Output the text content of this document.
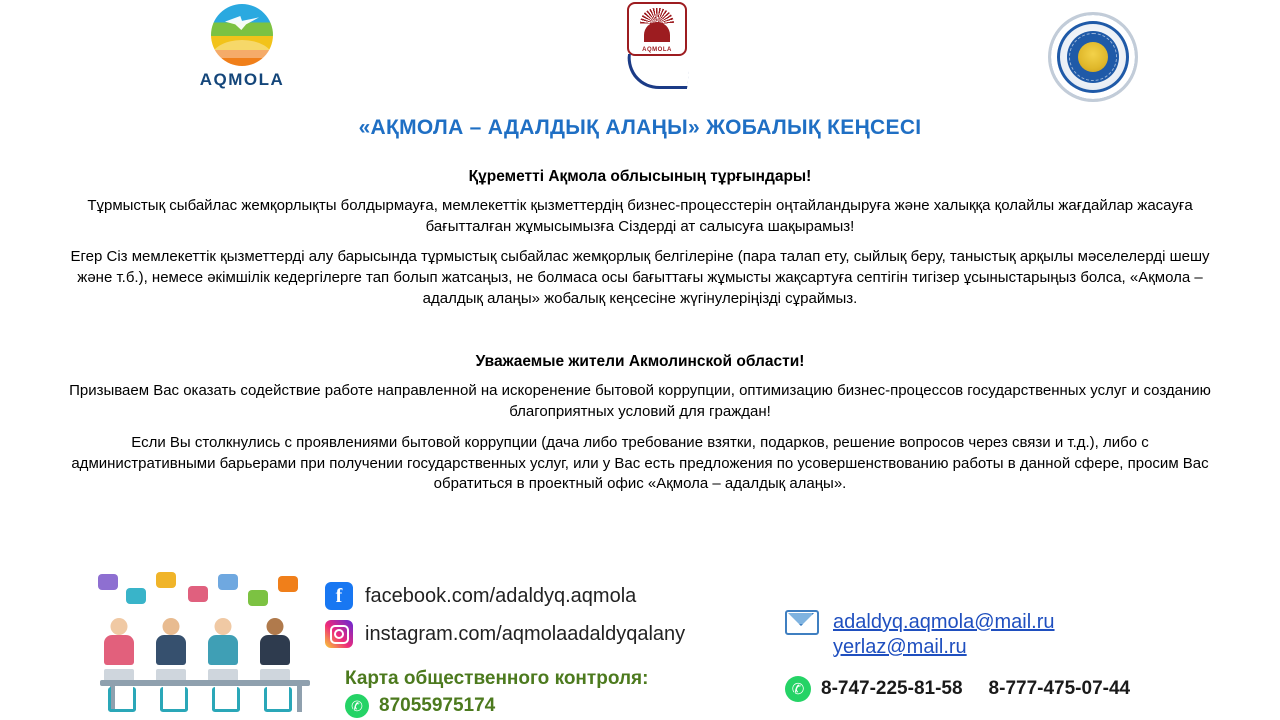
AQMOLA
AQMOLA
«АҚМОЛА – АДАЛДЫҚ АЛАҢЫ» ЖОБАЛЫҚ КЕҢСЕСІ
Құреметті Ақмола облысының тұрғындары!
Тұрмыстық сыбайлас жемқорлықты болдырмауға, мемлекеттік қызметтердің бизнес-процесстерін оңтайландыруға және халыққа қолайлы жағдайлар жасауға бағытталған жұмысымызға Сіздерді ат салысуға шақырамыз!
Егер Сіз мемлекеттік қызметтерді алу барысында тұрмыстық сыбайлас жемқорлық белгілеріне (пара талап ету, сыйлық беру, таныстық арқылы мәселелерді шешу және т.б.), немесе әкімшілік кедергілерге тап болып жатсаңыз, не болмаса осы бағыттағы жұмысты жақсартуға септігін тигізер ұсыныстарыңыз болса, «Ақмола – адалдық алаңы» жобалық кеңсесіне жүгінулеріңізді сұраймыз.
Уважаемые жители Акмолинской области!
Призываем Вас оказать содействие работе направленной на искоренение бытовой коррупции, оптимизацию бизнес-процессов государственных услуг и созданию благоприятных условий для граждан!
Если Вы столкнулись с проявлениями бытовой коррупции (дача либо требование взятки, подарков, решение вопросов через связи и т.д.), либо с административными барьерами при получении государственных услуг, или у Вас есть предложения по усовершенствованию работы в данной сфере, просим Вас обратиться в проектный офис «Ақмола – адалдық алаңы».
f	facebook.com/adaldyq.aqmola
instagram.com/aqmolaadaldyqalany
Карта общественного контроля:
✆ 87055975174
adaldyq.aqmola@mail.ru
yerlaz@mail.ru
✆ 8-747-225-81-58 8-777-475-07-44
